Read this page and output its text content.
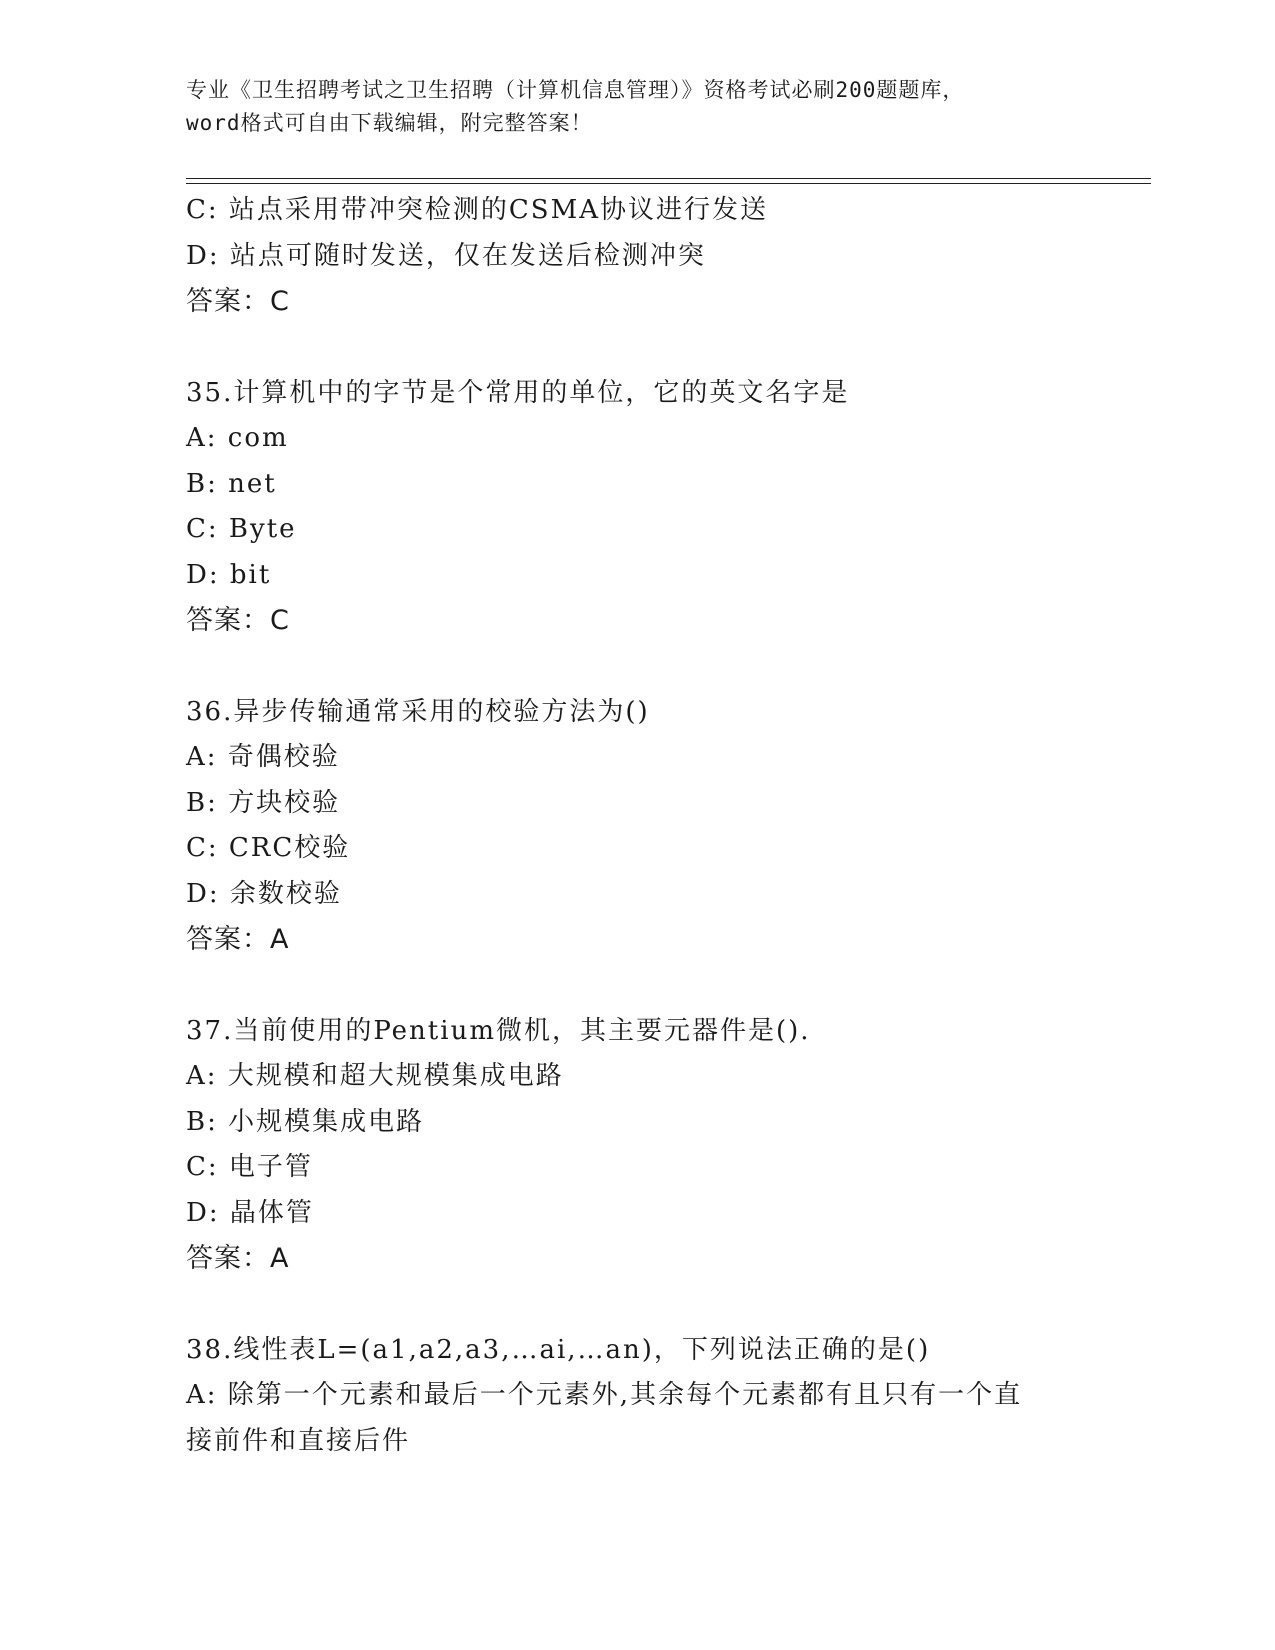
专业《卫生招聘考试之卫生招聘（计算机信息管理）》资格考试必刷200题题库，
word格式可自由下载编辑，附完整答案！
C: 站点采用带冲突检测的CSMA协议进行发送
D: 站点可随时发送，仅在发送后检测冲突
答案：C
35.计算机中的字节是个常用的单位，它的英文名字是
A: com
B: net
C: Byte
D: bit
答案：C
36.异步传输通常采用的校验方法为()
A: 奇偶校验
B: 方块校验
C: CRC校验
D: 余数校验
答案：A
37.当前使用的Pentium微机，其主要元器件是().
A: 大规模和超大规模集成电路
B: 小规模集成电路
C: 电子管
D: 晶体管
答案：A
38.线性表L=(a1,a2,a3,…ai,…an)，下列说法正确的是()
A: 除第一个元素和最后一个元素外,其余每个元素都有且只有一个直
接前件和直接后件
